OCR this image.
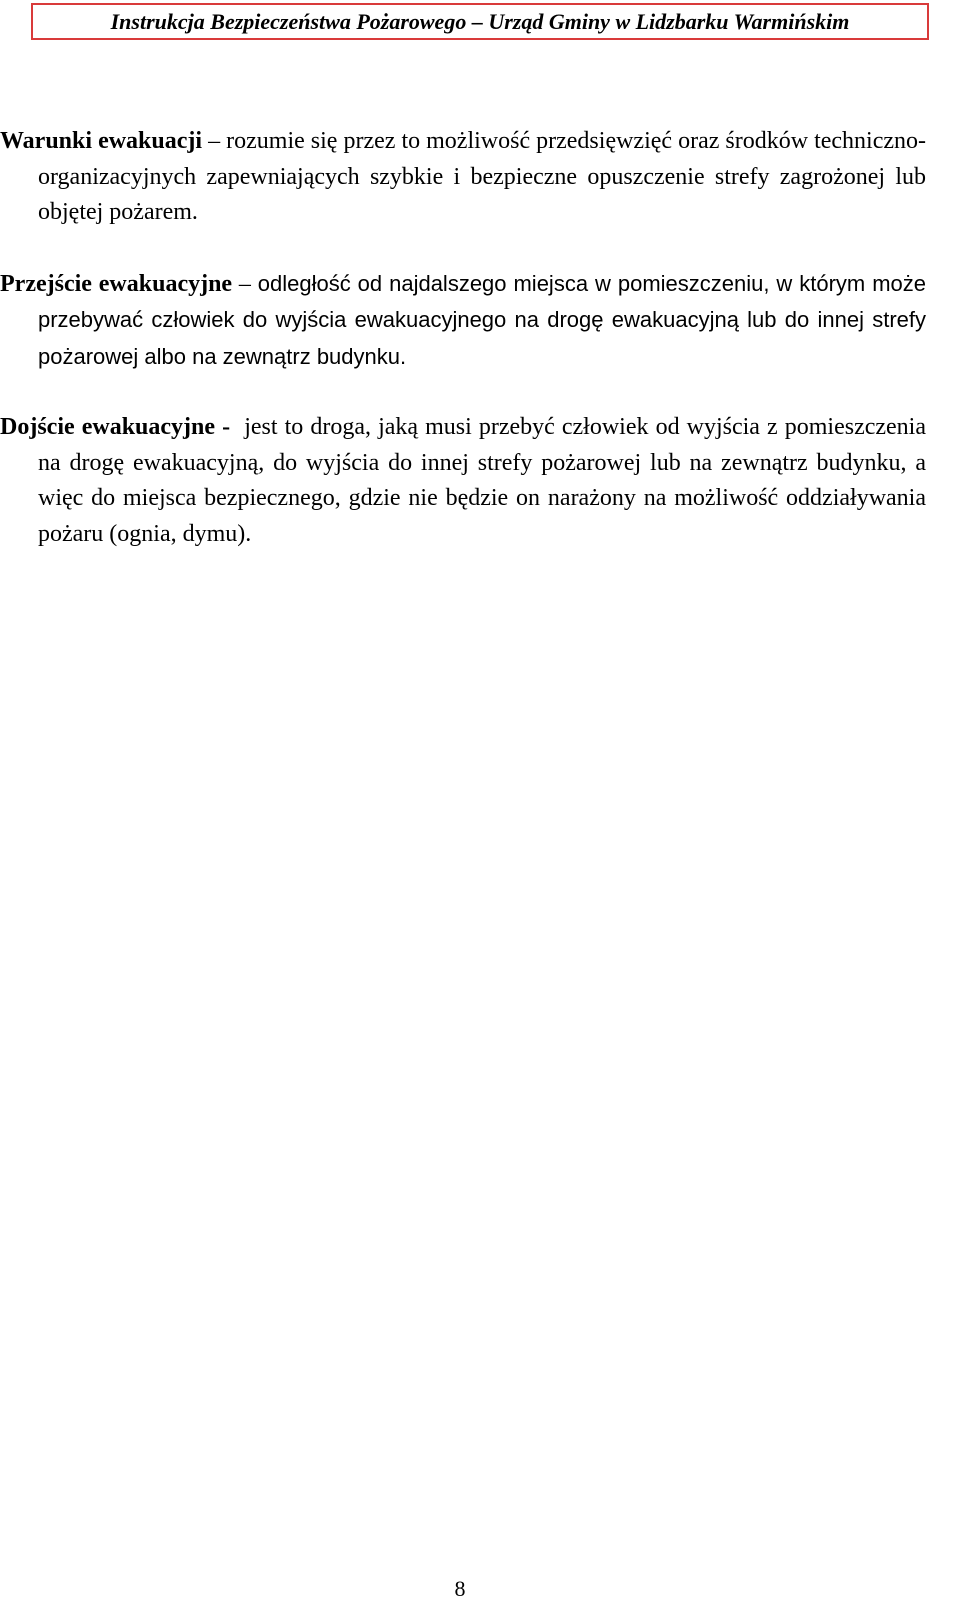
Instrukcja Bezpieczeństwa Pożarowego – Urząd Gminy w Lidzbarku Warmińskim

Warunki ewakuacji – rozumie się przez to możliwość przedsięwzięć oraz środków techniczno-organizacyjnych zapewniających szybkie i bezpieczne opuszczenie strefy zagrożonej lub objętej pożarem.

Przejście ewakuacyjne – odległość od najdalszego miejsca w pomieszczeniu, w którym może przebywać człowiek do wyjścia ewakuacyjnego na drogę ewakuacyjną lub do innej strefy pożarowej albo na zewnątrz budynku.

Dojście ewakuacyjne - jest to droga, jaką musi przebyć człowiek od wyjścia z pomieszczenia na drogę ewakuacyjną, do wyjścia do innej strefy pożarowej lub na zewnątrz budynku, a więc do miejsca bezpiecznego, gdzie nie będzie on narażony na możliwość oddziaływania pożaru (ognia, dymu).

8
